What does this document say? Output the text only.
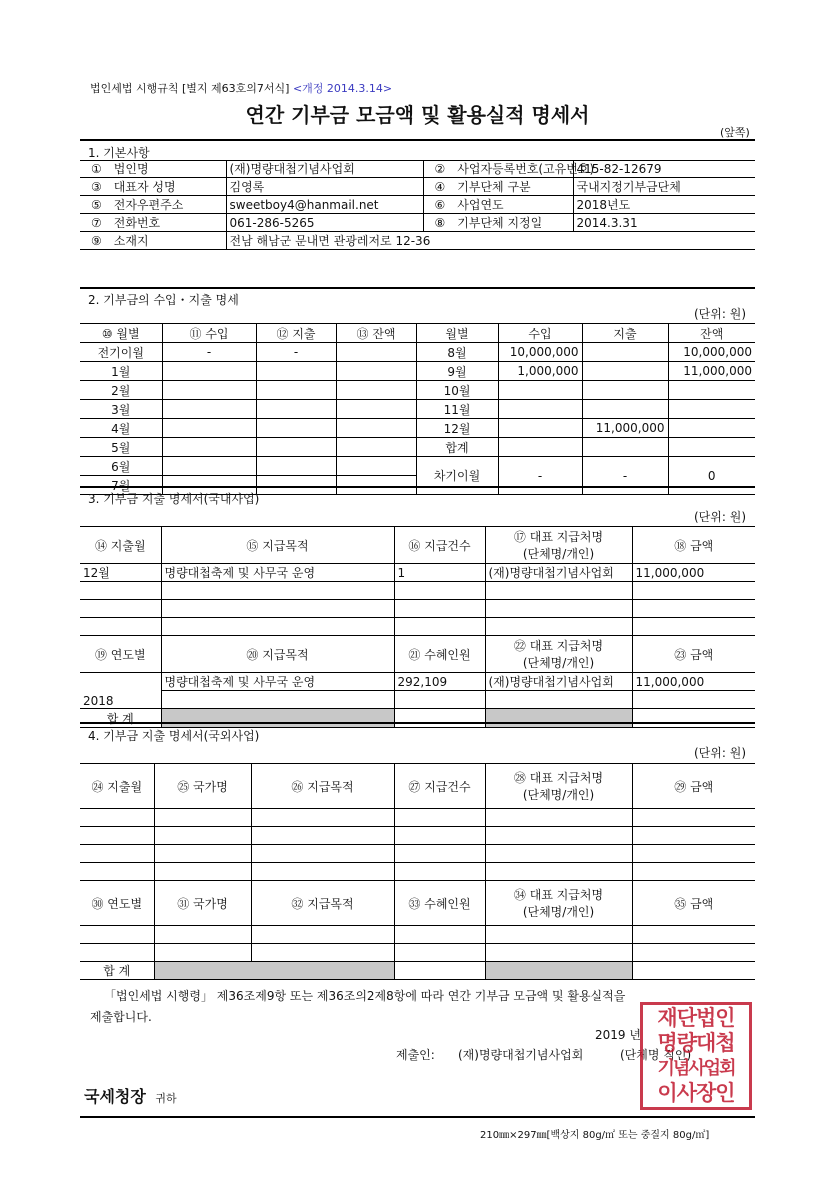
법인세법 시행규칙 [별지 제63호의7서식] <개정 2014.3.14>
연간 기부금 모금액 및 활용실적 명세서
(앞쪽)
1. 기본사항
① 법인명	(재)명량대첩기념사업회	② 사업자등록번호(고유번호)	415-82-12679
③ 대표자 성명	김영록	④ 기부단체 구분	국내지정기부금단체
⑤ 전자우편주소	sweetboy4@hanmail.net	⑥ 사업연도	2018년도
⑦ 전화번호	061-286-5265	⑧ 기부단체 지정일	2014.3.31
⑨ 소재지	전남 해남군 문내면 관광레저로 12-36		
2. 기부금의 수입・지출 명세
(단위: 원)
⑩ 월별	⑪ 수입	⑫ 지출	⑬ 잔액	월별	수입	지출	잔액
전기이월	-	-		8월	10,000,000		10,000,000
1월				9월	1,000,000		11,000,000
2월				10월			
3월				11월			
4월				12월		11,000,000	
5월				합계			
6월				차기이월	-	-	0
7월							
3. 기부금 지출 명세서(국내사업)
(단위: 원)
⑭ 지출월	⑮ 지급목적	⑯ 지급건수	⑰ 대표 지급처명
(단체명/개인)	⑱ 금액
12월	명량대첩축제 및 사무국 운영	1	(재)명량대첩기념사업회	11,000,000

⑲ 연도별	⑳ 지급목적	㉑ 수혜인원	㉒ 대표 지급처명
(단체명/개인)	㉓ 금액
2018	명량대첩축제 및 사무국 운영	292,109	(재)명량대첩기념사업회	11,000,000

합 계				
4. 기부금 지출 명세서(국외사업)
(단위: 원)
㉔ 지출월	㉕ 국가명	㉖ 지급목적	㉗ 지급건수	㉘ 대표 지급처명
(단체명/개인)	㉙ 금액

㉚ 연도별	㉛ 국가명	㉜ 지급목적	㉝ 수혜인원	㉞ 대표 지급처명
(단체명/개인)	㉟ 금액

합 계					
「법인세법 시행령」 제36조제9항 또는 제36조의2제8항에 따라 연간 기부금 모금액 및 활용실적을
제출합니다.
2019 년
제출인: (재)명량대첩기념사업회	(단체명 직인)
국세청장 귀하
210㎜×297㎜[백상지 80g/㎡ 또는 중질지 80g/㎡]
재단법인
명량대첩
기념사업회
이사장인
